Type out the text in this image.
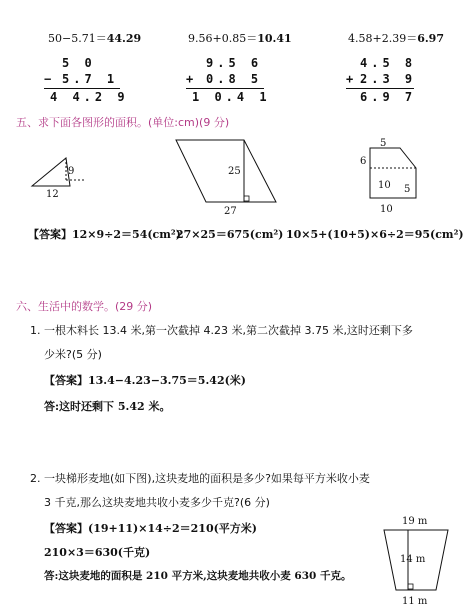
50−5.71＝44.29	9.56+0.85＝10.41	4.58+2.39＝6.97
5 0
− 5.7 1
4 4.2 9
9.5 6
+ 0.8 5
1 0.4 1
4.5 8
+ 2.3 9
6.9 7
五、求下面各图形的面积。(单位:cm)(9 分)
9
12
25
27
5
6
10 5
10
【答案】12×9÷2＝54(cm²)
27×25＝675(cm²) 10×5+(10+5)×6÷2＝95(cm²)
六、生活中的数学。(29 分)
1. 一根木料长 13.4 米,第一次截掉 4.23 米,第二次截掉 3.75 米,这时还剩下多
少米?(5 分)
【答案】13.4−4.23−3.75＝5.42(米)
答:这时还剩下 5.42 米。
2. 一块梯形麦地(如下图),这块麦地的面积是多少?如果每平方米收小麦
3 千克,那么这块麦地共收小麦多少千克?(6 分)
【答案】(19+11)×14÷2＝210(平方米)
210×3＝630(千克)
答:这块麦地的面积是 210 平方米,这块麦地共收小麦 630 千克。
19 m
14 m
11 m
